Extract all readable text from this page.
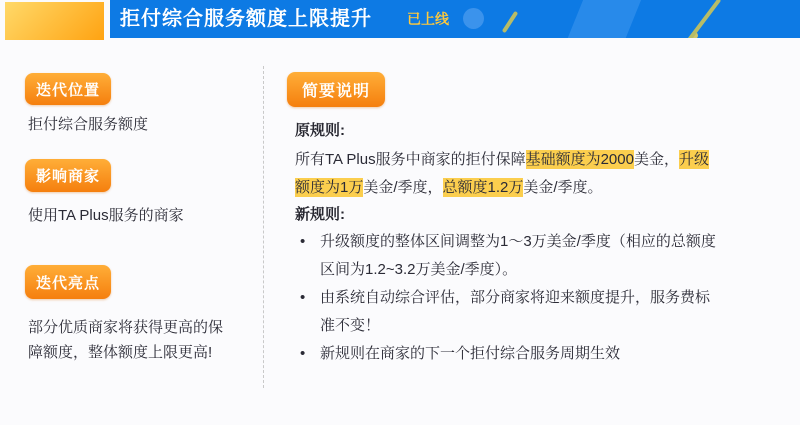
拒付综合服务额度上限提升	已上线
迭代位置
拒付综合服务额度
影响商家
使用TA Plus服务的商家
迭代亮点
部分优质商家将获得更高的保
障额度，整体额度上限更高!
简要说明
原规则:
所有TA Plus服务中商家的拒付保障基础额度为2000美金，升级
额度为1万美金/季度，总额度1.2万美金/季度。
新规则:
• 升级额度的整体区间调整为1～3万美金/季度（相应的总额度
区间为1.2~3.2万美金/季度）。
• 由系统自动综合评估，部分商家将迎来额度提升，服务费标
准不变！
• 新规则在商家的下一个拒付综合服务周期生效
